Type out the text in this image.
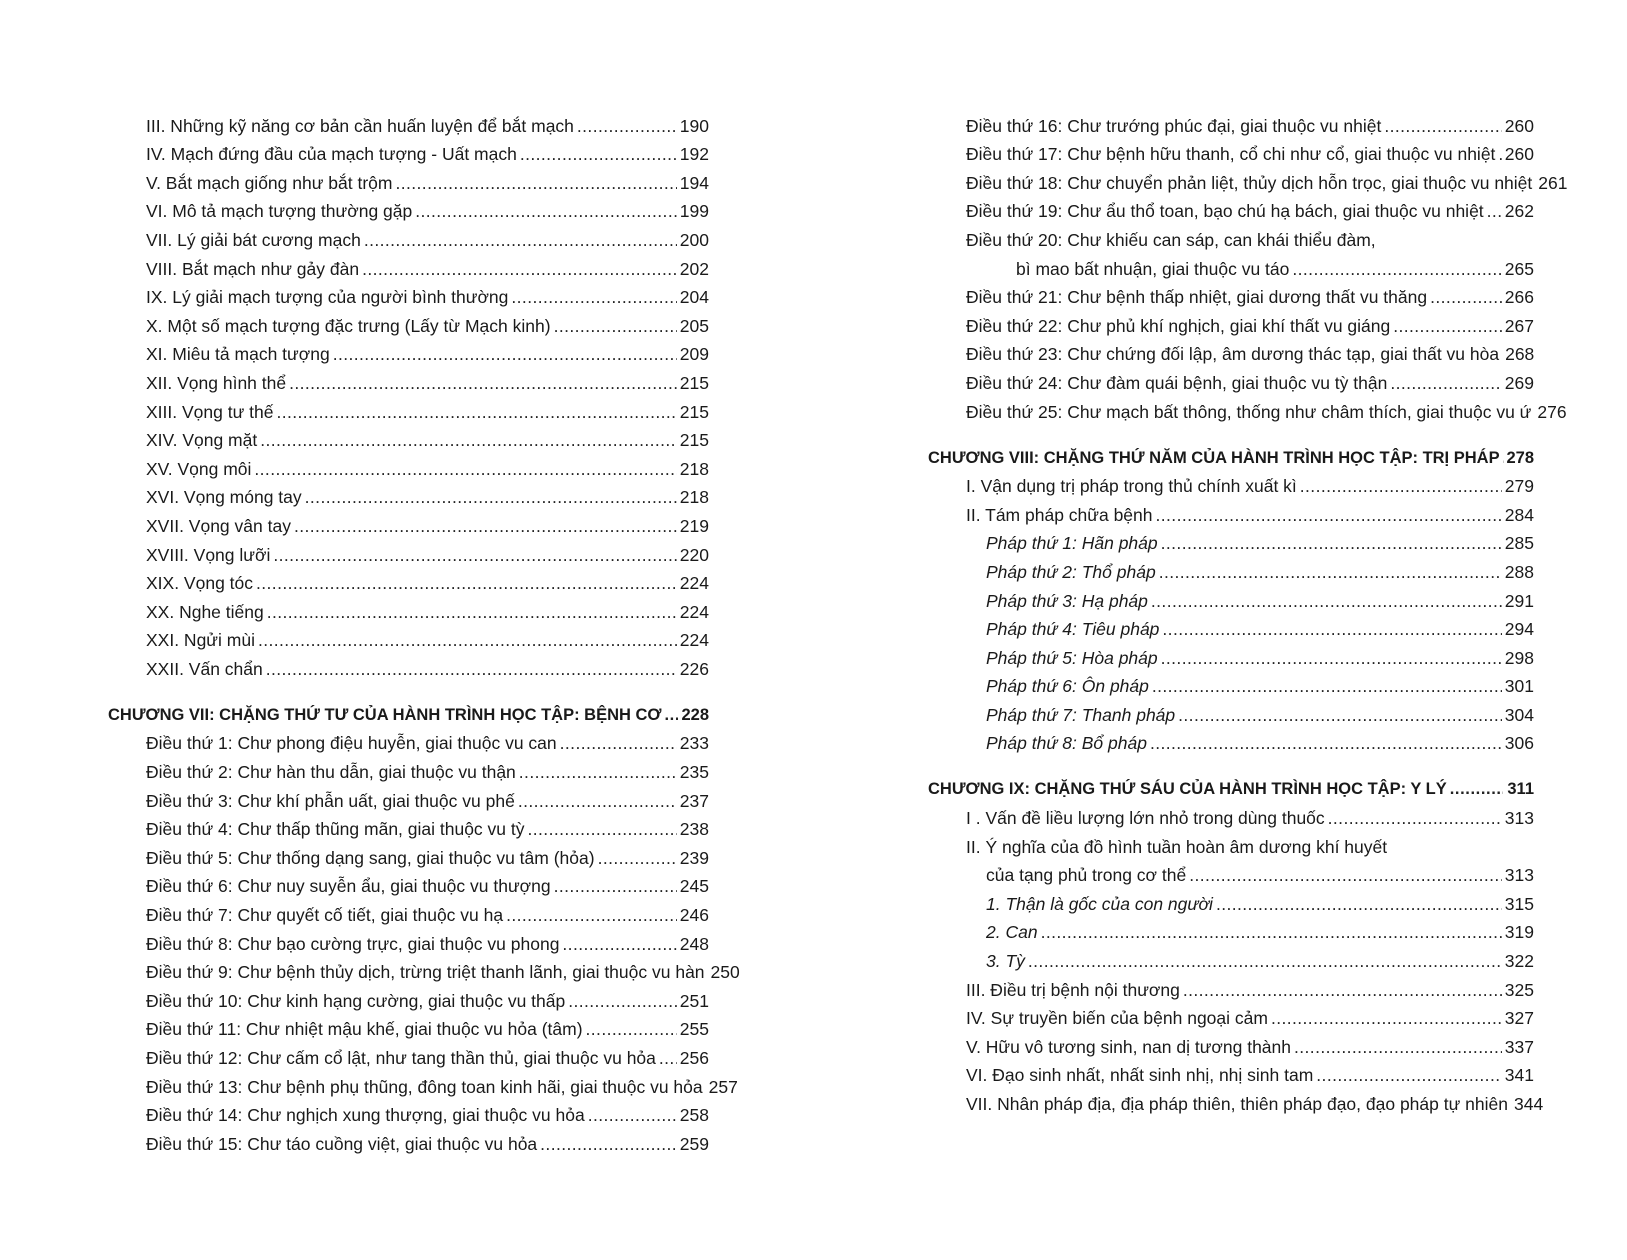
III. Những kỹ năng cơ bản cần huấn luyện để bắt mạch .....	190
IV. Mạch đứng đầu của mạch tượng - Uất mạch .....	192
V. Bắt mạch giống như bắt trộm .....	194
VI. Mô tả mạch tượng thường gặp .....	199
VII. Lý giải bát cương mạch .....	200
VIII. Bắt mạch như gảy đàn .....	202
IX. Lý giải mạch tượng của người bình thường .....	204
X. Một số mạch tượng đặc trưng (Lấy từ Mạch kinh) .....	205
XI. Miêu tả mạch tượng .....	209
XII. Vọng hình thể .....	215
XIII. Vọng tư thế .....	215
XIV. Vọng mặt .....	215
XV. Vọng môi .....	218
XVI. Vọng móng tay .....	218
XVII. Vọng vân tay .....	219
XVIII. Vọng lưỡi .....	220
XIX. Vọng tóc .....	224
XX. Nghe tiếng .....	224
XXI. Ngửi mùi .....	224
XXII. Vấn chẩn .....	226
CHƯƠNG VII: CHẶNG THỨ TƯ CỦA HÀNH TRÌNH HỌC TẬP: BỆNH CƠ ..... 228
Điều thứ 1: Chư phong điệu huyễn, giai thuộc vu can .....	233
Điều thứ 2: Chư hàn thu dẫn, giai thuộc vu thận .....	235
Điều thứ 3: Chư khí phẫn uất, giai thuộc vu phế .....	237
Điều thứ 4: Chư thấp thũng mãn, giai thuộc vu tỳ .....	238
Điều thứ 5: Chư thống dạng sang, giai thuộc vu tâm (hỏa) .....	239
Điều thứ 6: Chư nuy suyễn ẩu, giai thuộc vu thượng .....	245
Điều thứ 7: Chư quyết cố tiết, giai thuộc vu hạ .....	246
Điều thứ 8: Chư bạo cường trực, giai thuộc vu phong .....	248
Điều thứ 9: Chư bệnh thủy dịch, trừng triệt thanh lãnh, giai thuộc vu hàn 250
Điều thứ 10: Chư kinh hạng cường, giai thuộc vu thấp .....	251
Điều thứ 11: Chư nhiệt mậu khế, giai thuộc vu hỏa (tâm) .....	255
Điều thứ 12: Chư cấm cổ lật, như tang thần thủ, giai thuộc vu hỏa ..... 256
Điều thứ 13: Chư bệnh phụ thũng, đông toan kinh hãi, giai thuộc vu hỏa 257
Điều thứ 14: Chư nghịch xung thượng, giai thuộc vu hỏa .....	258
Điều thứ 15: Chư táo cuồng việt, giai thuộc vu hỏa .....	259
Điều thứ 16: Chư trướng phúc đại, giai thuộc vu nhiệt .....	260
Điều thứ 17: Chư bệnh hữu thanh, cổ chi như cổ, giai thuộc vu nhiệt ..... 260
Điều thứ 18: Chư chuyển phản liệt, thủy dịch hỗn trọc, giai thuộc vu nhiệt 261
Điều thứ 19: Chư ẩu thổ toan, bạo chú hạ bách, giai thuộc vu nhiệt ..... 262
Điều thứ 20: Chư khiếu can sáp, can khái thiểu đàm,
bì mao bất nhuận, giai thuộc vu táo .....	265
Điều thứ 21: Chư bệnh thấp nhiệt, giai dương thất vu thăng .....	266
Điều thứ 22: Chư phủ khí nghịch, giai khí thất vu giáng .....	267
Điều thứ 23: Chư chứng đối lập, âm dương thác tạp, giai thất vu hòa 268
Điều thứ 24: Chư đàm quái bệnh, giai thuộc vu tỳ thận .....	269
Điều thứ 25: Chư mạch bất thông, thống như châm thích, giai thuộc vu ứ 276
CHƯƠNG VIII: CHẶNG THỨ NĂM CỦA HÀNH TRÌNH HỌC TẬP: TRỊ PHÁP ..... 278
I. Vận dụng trị pháp trong thủ chính xuất kì .....	279
II. Tám pháp chữa bệnh .....	284
Pháp thứ 1: Hãn pháp .....	285
Pháp thứ 2: Thổ pháp .....	288
Pháp thứ 3: Hạ pháp .....	291
Pháp thứ 4: Tiêu pháp .....	294
Pháp thứ 5: Hòa pháp .....	298
Pháp thứ 6: Ôn pháp .....	301
Pháp thứ 7: Thanh pháp .....	304
Pháp thứ 8: Bổ pháp .....	306
CHƯƠNG IX: CHẶNG THỨ SÁU CỦA HÀNH TRÌNH HỌC TẬP: Y LÝ .....	311
I . Vấn đề liều lượng lớn nhỏ trong dùng thuốc .....	313
II. Ý nghĩa của đồ hình tuần hoàn âm dương khí huyết
của tạng phủ trong cơ thể .....	313
1. Thận là gốc của con người .....	315
2. Can .....	319
3. Tỳ .....	322
III. Điều trị bệnh nội thương .....	325
IV. Sự truyền biến của bệnh ngoại cảm .....	327
V. Hữu vô tương sinh, nan dị tương thành .....	337
VI. Đạo sinh nhất, nhất sinh nhị, nhị sinh tam .....	341
VII. Nhân pháp địa, địa pháp thiên, thiên pháp đạo, đạo pháp tự nhiên 344
